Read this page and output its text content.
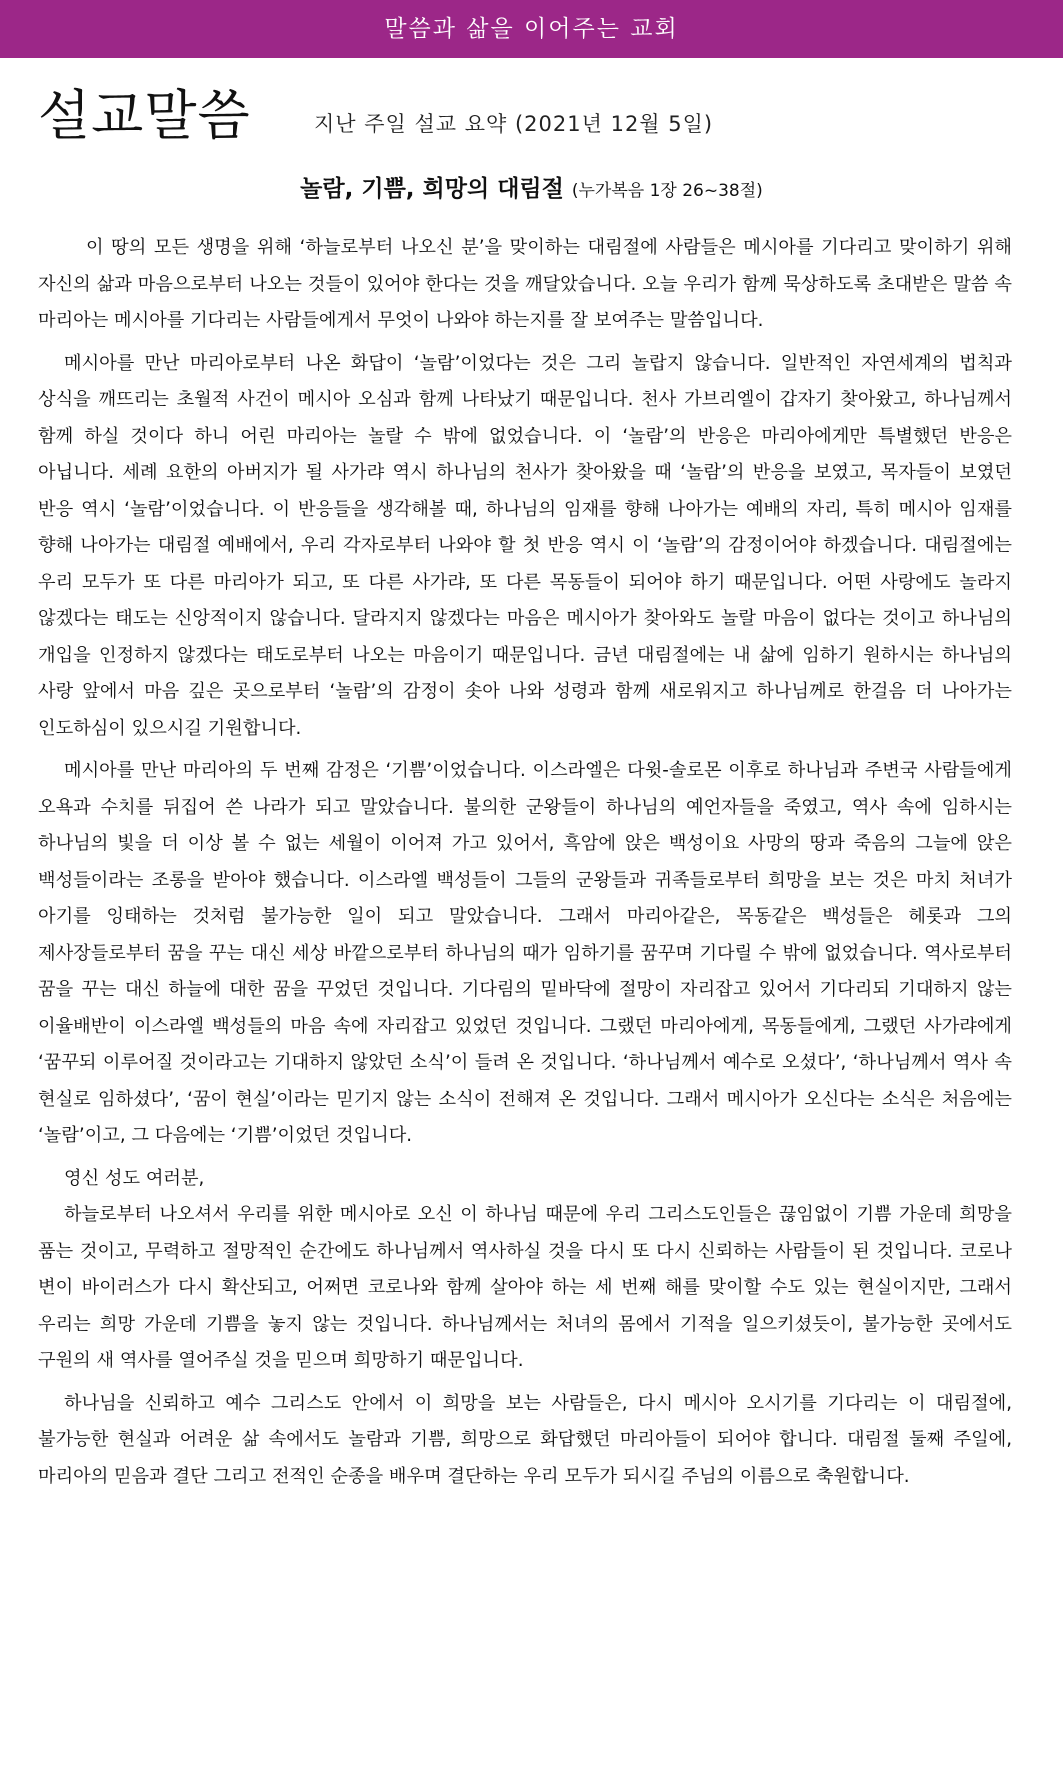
말씀과 삶을 이어주는 교회
설교말씀	지난 주일 설교 요약 (2021년 12월 5일)
놀람, 기쁨, 희망의 대림절 (누가복음 1장 26~38절)

이 땅의 모든 생명을 위해 ‘하늘로부터 나오신 분’을 맞이하는 대림절에 사람들은 메시아를 기다리고 맞이하기 위해 자신의 삶과 마음으로부터 나오는 것들이 있어야 한다는 것을 깨달았습니다. 오늘 우리가 함께 묵상하도록 초대받은 말씀 속 마리아는 메시아를 기다리는 사람들에게서 무엇이 나와야 하는지를 잘 보여주는 말씀입니다.

메시아를 만난 마리아로부터 나온 화답이 ‘놀람’이었다는 것은 그리 놀랍지 않습니다. 일반적인 자연세계의 법칙과 상식을 깨뜨리는 초월적 사건이 메시아 오심과 함께 나타났기 때문입니다. 천사 가브리엘이 갑자기 찾아왔고, 하나님께서 함께 하실 것이다 하니 어린 마리아는 놀랄 수 밖에 없었습니다. 이 ‘놀람’의 반응은 마리아에게만 특별했던 반응은 아닙니다. 세례 요한의 아버지가 될 사가랴 역시 하나님의 천사가 찾아왔을 때 ‘놀람’의 반응을 보였고, 목자들이 보였던 반응 역시 ‘놀람’이었습니다. 이 반응들을 생각해볼 때, 하나님의 임재를 향해 나아가는 예배의 자리, 특히 메시아 임재를 향해 나아가는 대림절 예배에서, 우리 각자로부터 나와야 할 첫 반응 역시 이 ‘놀람’의 감정이어야 하겠습니다. 대림절에는 우리 모두가 또 다른 마리아가 되고, 또 다른 사가랴, 또 다른 목동들이 되어야 하기 때문입니다. 어떤 사랑에도 놀라지 않겠다는 태도는 신앙적이지 않습니다. 달라지지 않겠다는 마음은 메시아가 찾아와도 놀랄 마음이 없다는 것이고 하나님의 개입을 인정하지 않겠다는 태도로부터 나오는 마음이기 때문입니다. 금년 대림절에는 내 삶에 임하기 원하시는 하나님의 사랑 앞에서 마음 깊은 곳으로부터 ‘놀람’의 감정이 솟아 나와 성령과 함께 새로워지고 하나님께로 한걸음 더 나아가는 인도하심이 있으시길 기원합니다.

메시아를 만난 마리아의 두 번째 감정은 ‘기쁨’이었습니다. 이스라엘은 다윗-솔로몬 이후로 하나님과 주변국 사람들에게 오욕과 수치를 뒤집어 쓴 나라가 되고 말았습니다. 불의한 군왕들이 하나님의 예언자들을 죽였고, 역사 속에 임하시는 하나님의 빛을 더 이상 볼 수 없는 세월이 이어져 가고 있어서, 흑암에 앉은 백성이요 사망의 땅과 죽음의 그늘에 앉은 백성들이라는 조롱을 받아야 했습니다. 이스라엘 백성들이 그들의 군왕들과 귀족들로부터 희망을 보는 것은 마치 처녀가 아기를 잉태하는 것처럼 불가능한 일이 되고 말았습니다. 그래서 마리아같은, 목동같은 백성들은 헤롯과 그의 제사장들로부터 꿈을 꾸는 대신 세상 바깥으로부터 하나님의 때가 임하기를 꿈꾸며 기다릴 수 밖에 없었습니다. 역사로부터 꿈을 꾸는 대신 하늘에 대한 꿈을 꾸었던 것입니다. 기다림의 밑바닥에 절망이 자리잡고 있어서 기다리되 기대하지 않는 이율배반이 이스라엘 백성들의 마음 속에 자리잡고 있었던 것입니다. 그랬던 마리아에게, 목동들에게, 그랬던 사가랴에게 ‘꿈꾸되 이루어질 것이라고는 기대하지 않았던 소식’이 들려 온 것입니다. ‘하나님께서 예수로 오셨다’, ‘하나님께서 역사 속 현실로 임하셨다’, ‘꿈이 현실’이라는 믿기지 않는 소식이 전해져 온 것입니다. 그래서 메시아가 오신다는 소식은 처음에는 ‘놀람’이고, 그 다음에는 ‘기쁨’이었던 것입니다.

영신 성도 여러분,

하늘로부터 나오셔서 우리를 위한 메시아로 오신 이 하나님 때문에 우리 그리스도인들은 끊임없이 기쁨 가운데 희망을 품는 것이고, 무력하고 절망적인 순간에도 하나님께서 역사하실 것을 다시 또 다시 신뢰하는 사람들이 된 것입니다. 코로나 변이 바이러스가 다시 확산되고, 어쩌면 코로나와 함께 살아야 하는 세 번째 해를 맞이할 수도 있는 현실이지만, 그래서 우리는 희망 가운데 기쁨을 놓지 않는 것입니다. 하나님께서는 처녀의 몸에서 기적을 일으키셨듯이, 불가능한 곳에서도 구원의 새 역사를 열어주실 것을 믿으며 희망하기 때문입니다.

하나님을 신뢰하고 예수 그리스도 안에서 이 희망을 보는 사람들은, 다시 메시아 오시기를 기다리는 이 대림절에, 불가능한 현실과 어려운 삶 속에서도 놀람과 기쁨, 희망으로 화답했던 마리아들이 되어야 합니다. 대림절 둘째 주일에, 마리아의 믿음과 결단 그리고 전적인 순종을 배우며 결단하는 우리 모두가 되시길 주님의 이름으로 축원합니다.
